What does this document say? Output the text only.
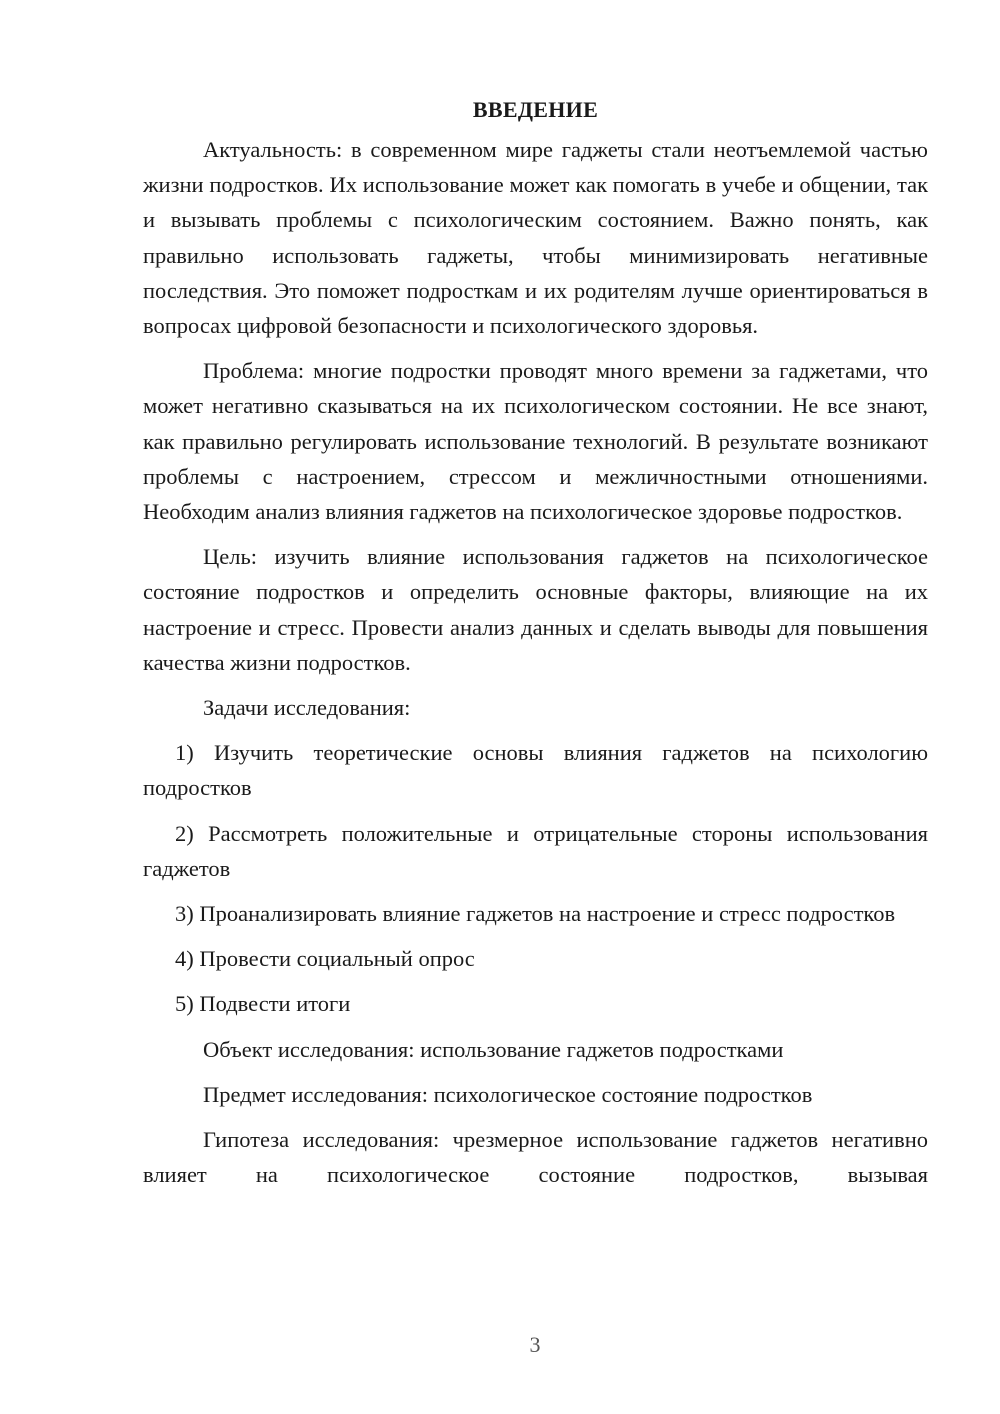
ВВЕДЕНИЕ

Актуальность: в современном мире гаджеты стали неотъемлемой частью жизни подростков. Их использование может как помогать в учебе и общении, так и вызывать проблемы с психологическим состоянием. Важно понять, как правильно использовать гаджеты, чтобы минимизировать негативные последствия. Это поможет подросткам и их родителям лучше ориентироваться в вопросах цифровой безопасности и психологического здоровья.

Проблема: многие подростки проводят много времени за гаджетами, что может негативно сказываться на их психологическом состоянии. Не все знают, как правильно регулировать использование технологий. В результате возникают проблемы с настроением, стрессом и межличностными отношениями. Необходим анализ влияния гаджетов на психологическое здоровье подростков.

Цель: изучить влияние использования гаджетов на психологическое состояние подростков и определить основные факторы, влияющие на их настроение и стресс. Провести анализ данных и сделать выводы для повышения качества жизни подростков.

Задачи исследования:

1) Изучить теоретические основы влияния гаджетов на психологию подростков

2) Рассмотреть положительные и отрицательные стороны использования гаджетов

3) Проанализировать влияние гаджетов на настроение и стресс подростков

4) Провести социальный опрос

5) Подвести итоги

Объект исследования: использование гаджетов подростками

Предмет исследования: психологическое состояние подростков

Гипотеза исследования: чрезмерное использование гаджетов негативно влияет на психологическое состояние подростков, вызывая

3
